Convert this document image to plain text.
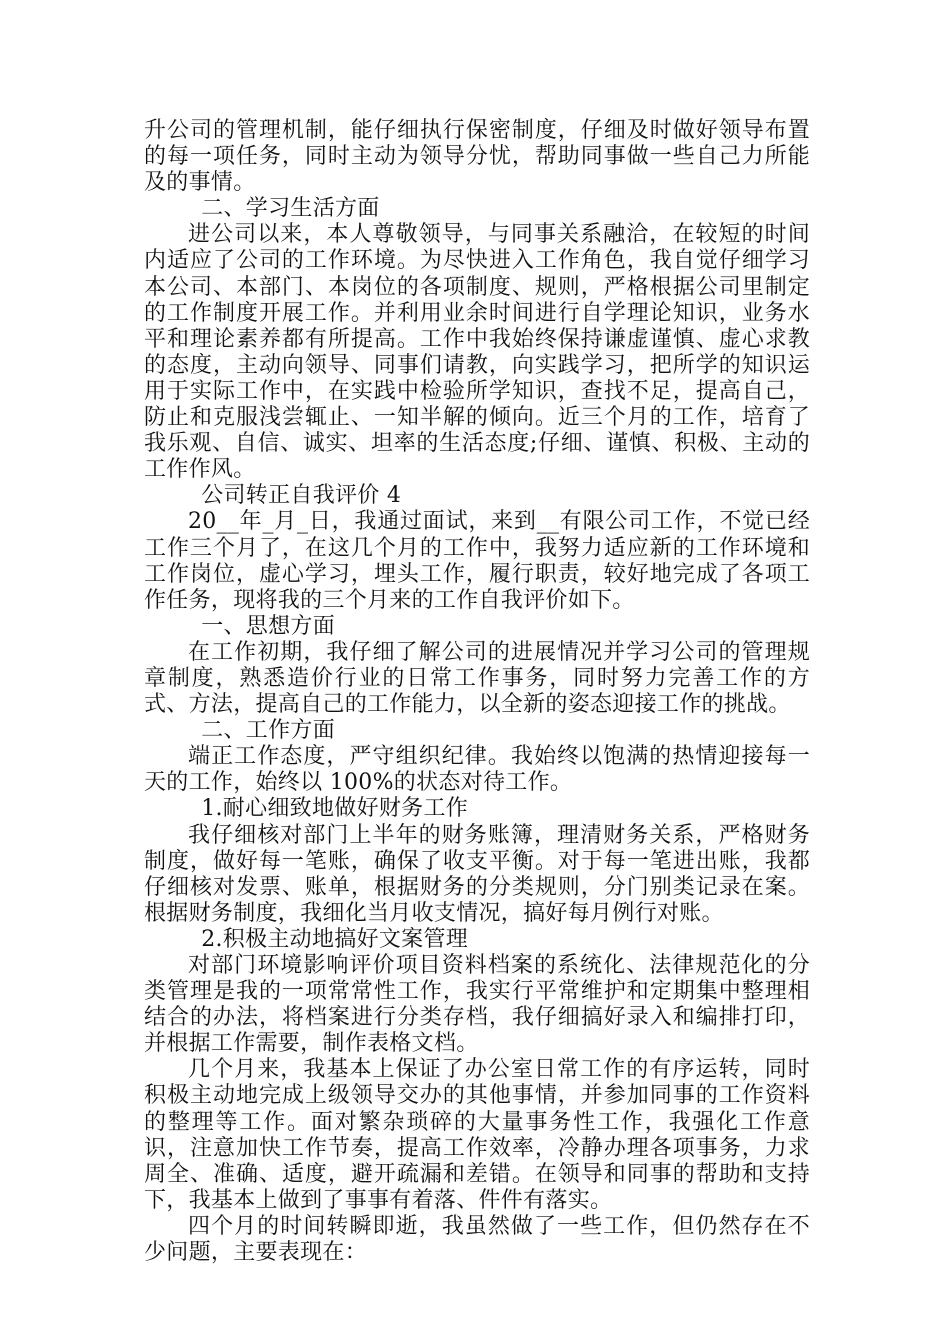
升公司的管理机制，能仔细执行保密制度，仔细及时做好领导布置的每一项任务，同时主动为领导分忧，帮助同事做一些自己力所能及的事情。

二、学习生活方面

进公司以来，本人尊敬领导，与同事关系融洽，在较短的时间内适应了公司的工作环境。为尽快进入工作角色，我自觉仔细学习本公司、本部门、本岗位的各项制度、规则，严格根据公司里制定的工作制度开展工作。并利用业余时间进行自学理论知识，业务水平和理论素养都有所提高。工作中我始终保持谦虚谨慎、虚心求教的态度，主动向领导、同事们请教，向实践学习，把所学的知识运用于实际工作中，在实践中检验所学知识，查找不足，提高自己，防止和克服浅尝辄止、一知半解的倾向。近三个月的工作，培育了我乐观、自信、诚实、坦率的生活态度;仔细、谨慎、积极、主动的工作作风。

公司转正自我评价 4

20__年_月_日，我通过面试，来到__有限公司工作，不觉已经工作三个月了，在这几个月的工作中，我努力适应新的工作环境和工作岗位，虚心学习，埋头工作，履行职责，较好地完成了各项工作任务，现将我的三个月来的工作自我评价如下。

一、思想方面

在工作初期，我仔细了解公司的进展情况并学习公司的管理规章制度，熟悉造价行业的日常工作事务，同时努力完善工作的方式、方法，提高自己的工作能力，以全新的姿态迎接工作的挑战。

二、工作方面

端正工作态度，严守组织纪律。我始终以饱满的热情迎接每一天的工作，始终以 100%的状态对待工作。

1.耐心细致地做好财务工作

我仔细核对部门上半年的财务账簿，理清财务关系，严格财务制度，做好每一笔账，确保了收支平衡。对于每一笔进出账，我都仔细核对发票、账单，根据财务的分类规则，分门别类记录在案。根据财务制度，我细化当月收支情况，搞好每月例行对账。

2.积极主动地搞好文案管理

对部门环境影响评价项目资料档案的系统化、法律规范化的分类管理是我的一项常常性工作，我实行平常维护和定期集中整理相结合的办法，将档案进行分类存档，我仔细搞好录入和编排打印，并根据工作需要，制作表格文档。

几个月来，我基本上保证了办公室日常工作的有序运转，同时积极主动地完成上级领导交办的其他事情，并参加同事的工作资料的整理等工作。面对繁杂琐碎的大量事务性工作，我强化工作意识，注意加快工作节奏，提高工作效率，冷静办理各项事务，力求周全、准确、适度，避开疏漏和差错。在领导和同事的帮助和支持下，我基本上做到了事事有着落、件件有落实。

四个月的时间转瞬即逝，我虽然做了一些工作，但仍然存在不少问题，主要表现在：
